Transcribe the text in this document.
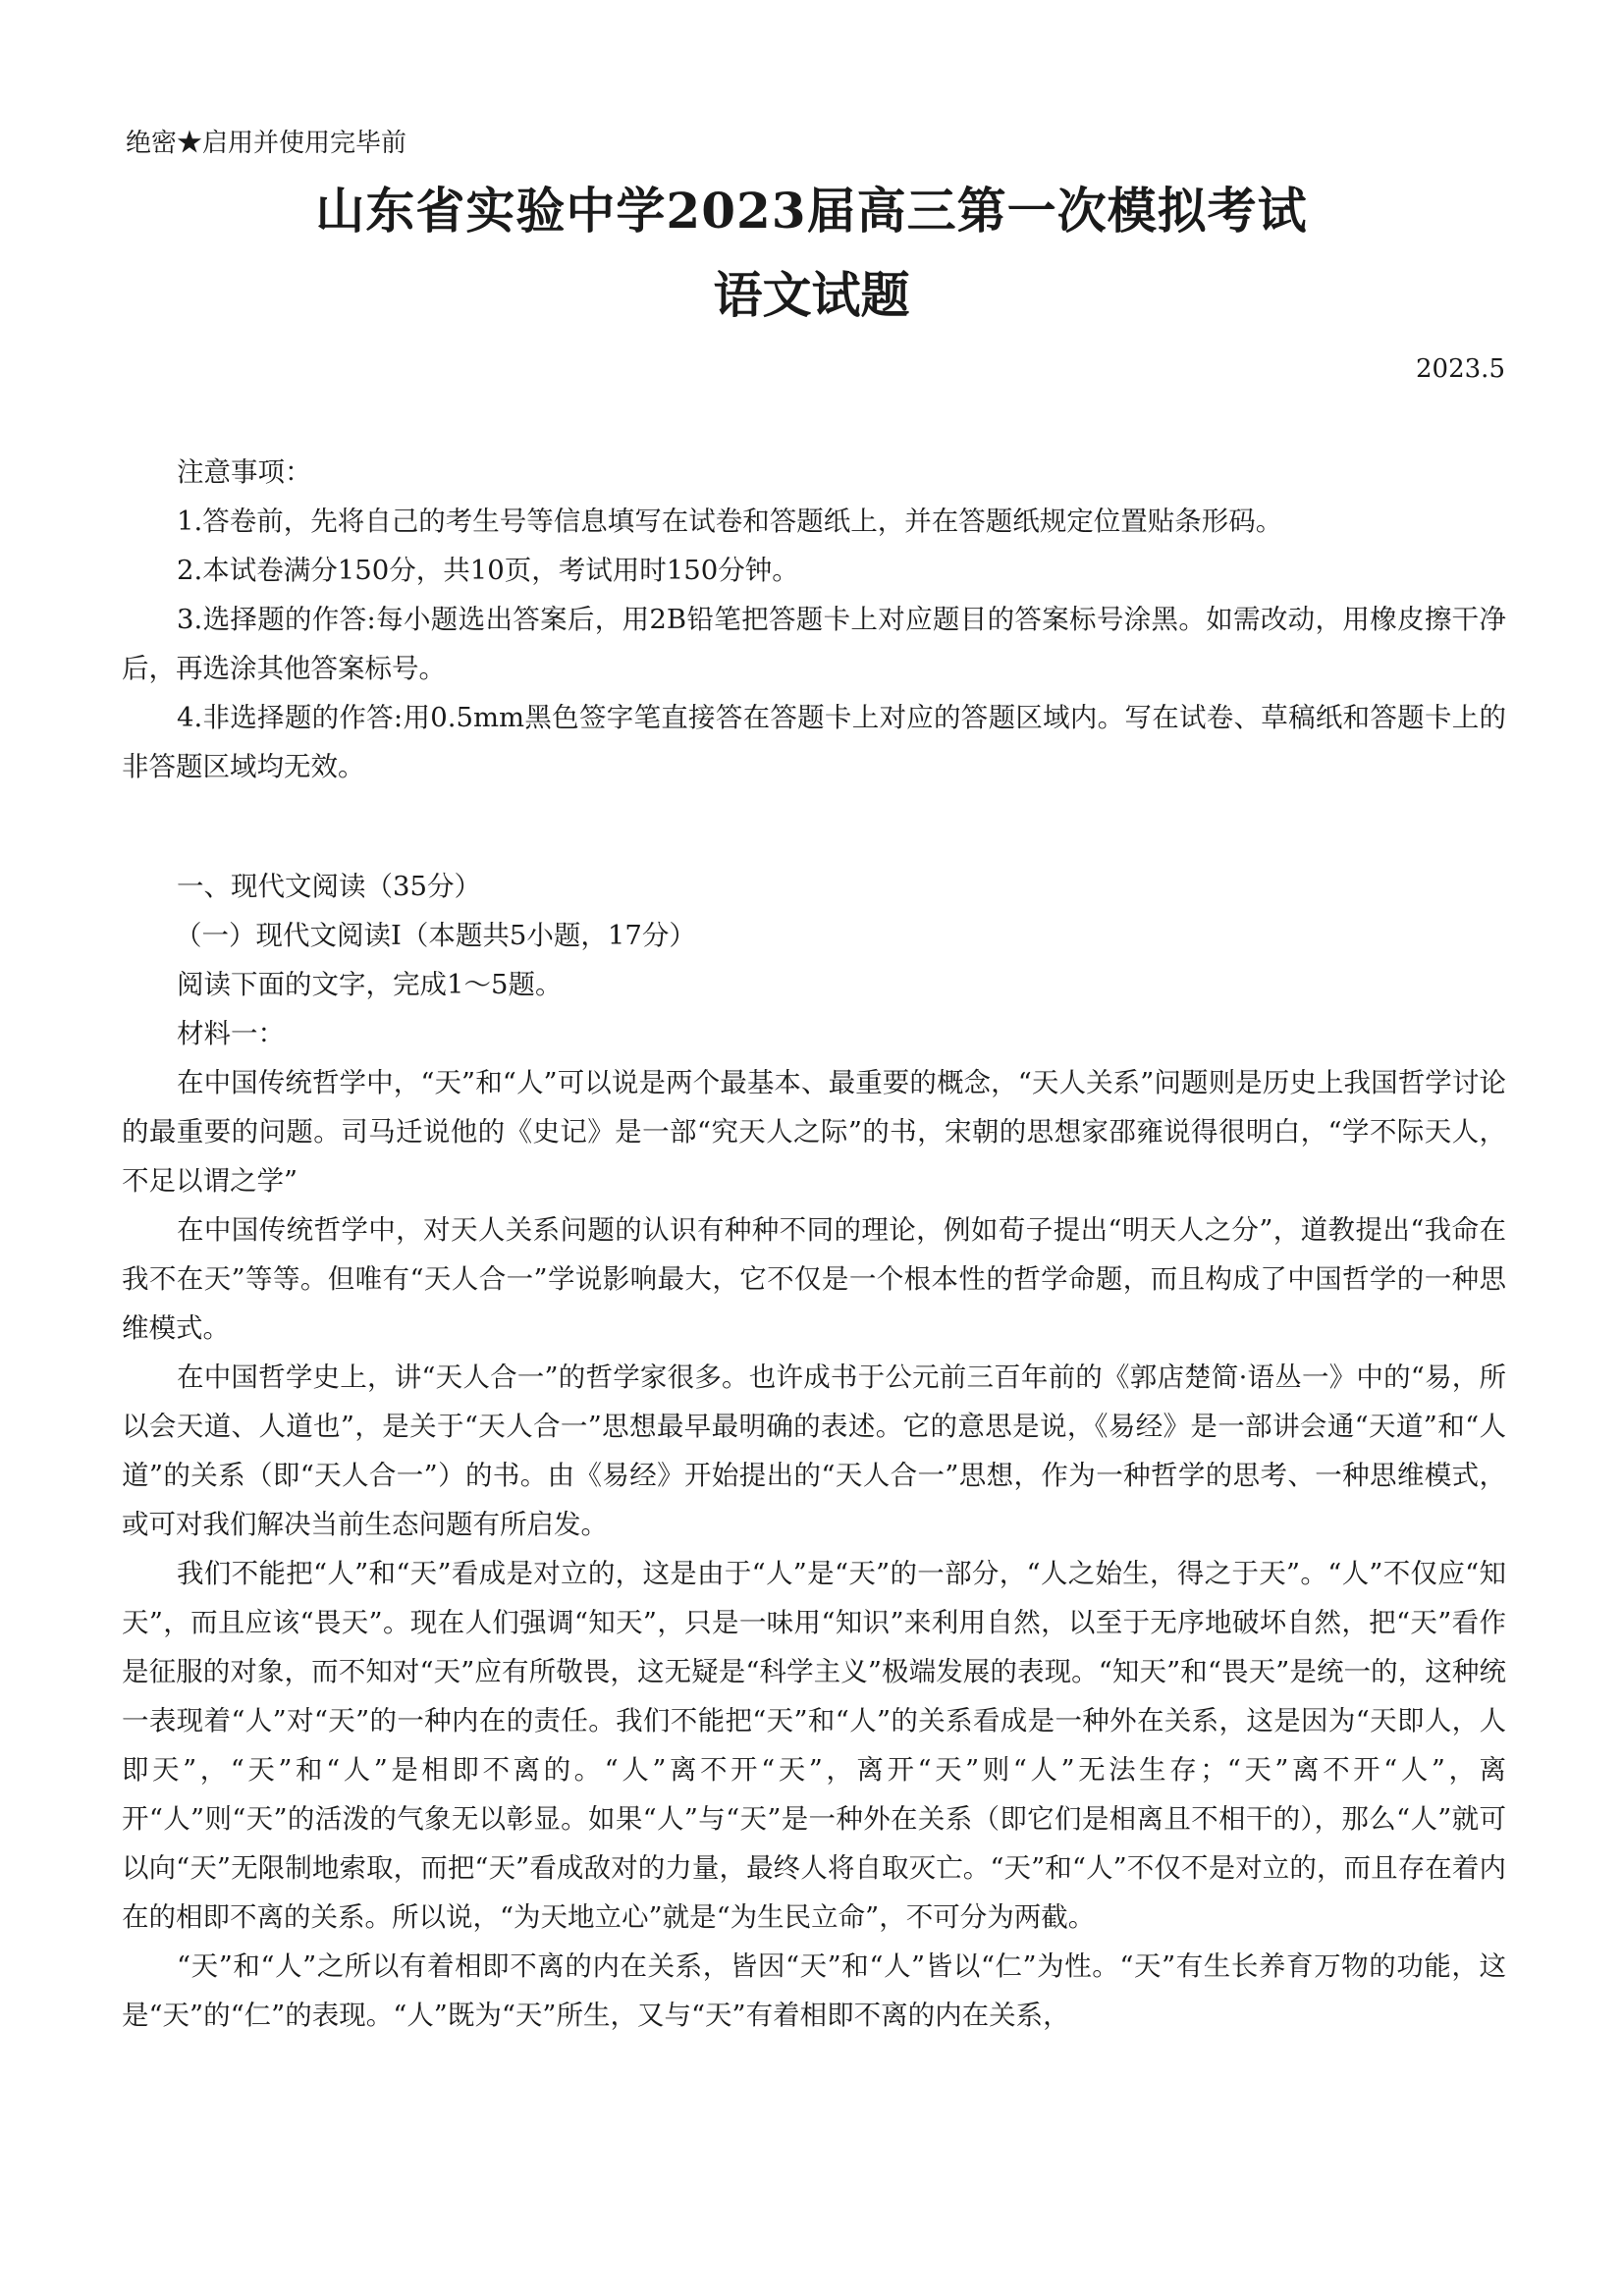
绝密★启用并使用完毕前
山东省实验中学2023届高三第一次模拟考试
语文试题
2023.5
注意事项：
1.答卷前，先将自己的考生号等信息填写在试卷和答题纸上，并在答题纸规定位置贴条形码。
2.本试卷满分150分，共10页，考试用时150分钟。
3.选择题的作答:每小题选出答案后，用2B铅笔把答题卡上对应题目的答案标号涂黑。如需改动，用橡皮擦干净后，再选涂其他答案标号。
4.非选择题的作答:用0.5mm黑色签字笔直接答在答题卡上对应的答题区域内。写在试卷、草稿纸和答题卡上的非答题区域均无效。
一、现代文阅读（35分）
（一）现代文阅读I（本题共5小题，17分）
阅读下面的文字，完成1～5题。
材料一：
在中国传统哲学中，“天”和“人”可以说是两个最基本、最重要的概念，“天人关系”问题则是历史上我国哲学讨论的最重要的问题。司马迁说他的《史记》是一部“究天人之际”的书，宋朝的思想家邵雍说得很明白，“学不际天人，不足以谓之学”
在中国传统哲学中，对天人关系问题的认识有种种不同的理论，例如荀子提出“明天人之分”，道教提出“我命在我不在天”等等。但唯有“天人合一”学说影响最大，它不仅是一个根本性的哲学命题，而且构成了中国哲学的一种思维模式。
在中国哲学史上，讲“天人合一”的哲学家很多。也许成书于公元前三百年前的《郭店楚简·语丛一》中的“易，所以会天道、人道也”，是关于“天人合一”思想最早最明确的表述。它的意思是说，《易经》是一部讲会通“天道”和“人道”的关系（即“天人合一”）的书。由《易经》开始提出的“天人合一”思想，作为一种哲学的思考、一种思维模式，或可对我们解决当前生态问题有所启发。
我们不能把“人”和“天”看成是对立的，这是由于“人”是“天”的一部分，“人之始生，得之于天”。“人”不仅应“知天”，而且应该“畏天”。现在人们强调“知天”，只是一味用“知识”来利用自然，以至于无序地破坏自然，把“天”看作是征服的对象，而不知对“天”应有所敬畏，这无疑是“科学主义”极端发展的表现。“知天”和“畏天”是统一的，这种统一表现着“人”对“天”的一种内在的责任。我们不能把“天”和“人”的关系看成是一种外在关系，这是因为“天即人，人即天”，“天”和“人”是相即不离的。“人”离不开“天”，离开“天”则“人”无法生存；“天”离不开“人”，离开“人”则“天”的活泼的气象无以彰显。如果“人”与“天”是一种外在关系（即它们是相离且不相干的），那么“人”就可以向“天”无限制地索取，而把“天”看成敌对的力量，最终人将自取灭亡。“天”和“人”不仅不是对立的，而且存在着内在的相即不离的关系。所以说，“为天地立心”就是“为生民立命”，不可分为两截。
“天”和“人”之所以有着相即不离的内在关系，皆因“天”和“人”皆以“仁”为性。“天”有生长养育万物的功能，这是“天”的“仁”的表现。“人”既为“天”所生，又与“天”有着相即不离的内在关系，
